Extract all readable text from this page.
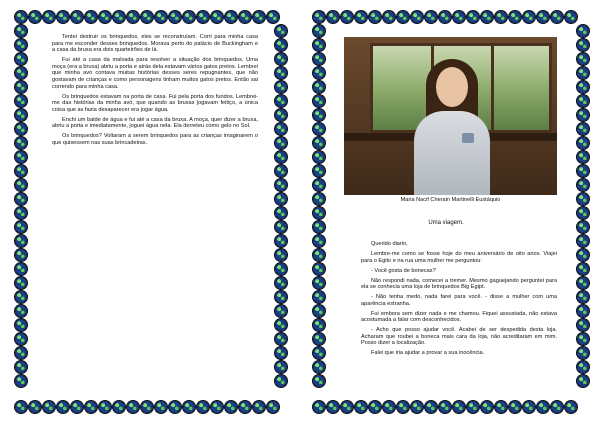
Tentei destruir os brinquedos, eles se reconstruíam. Corri para minha casa para me esconder desses brinquedos. Morava perto do palácio de Buckingham e a casa da bruxa era dois quarteirões de lá.

Fui até a casa da malvada para resolver a situação dos brinquedos. Uma moça (era a bruxa) abriu a porta e atrás dela estavam vários gatos pretos. Lembrei que minha avó contava muitas histórias desses seres repugnantes, que não gostavam de crianças e como personagens tinham muitos gatos pretos. Então sai correndo para minha casa.

Os brinquedos estavam na porta de casa. Fui pela porta dos fundos. Lembrei-me das histórias da minha avó, que quando as bruxas jogavam feitiço, a única coisa que as fazia desaparecer era jogar água.

Enchi um balde de água e fui até a casa da bruxa. A moça, quer dizer a bruxa, abriu a porta e imediatamente, joguei água nela. Ela derreteu como gelo no Sol.

Os brinquedos? Voltaram a serem brinquedos para as crianças imaginarem o que quisessem nas suas brincadeiras.

Maria Nacif Cherain Martinelli Eustáquio
Uma viagem.

Querido diario,

Lembre-me como se fosse hoje do meu aniversário de oito anos. Viajei para o Egito e na rua uma mulher me perguntou:

- Você gosta de bonecas?

Não respondi nada, comecei a tremer. Mesmo gaguejando perguntei para ela se conhecia uma loja de brinquedos Big Egipt.

- Não tenha medo, nada farei para você. - disse a mulher com uma aparência estranha.

Fui embora sem dizer nada e me chamou. Fiquei assustada, não estava acostumada a falar com desconhecidos.

- Acho que posso ajudar você. Acabei de ser despedida desta loja. Acharam que roubei a boneca mais cara da loja, não acreditaram em mim. Posso dizer a localização.

Falei que iria ajudar a provar a sua inocência.
